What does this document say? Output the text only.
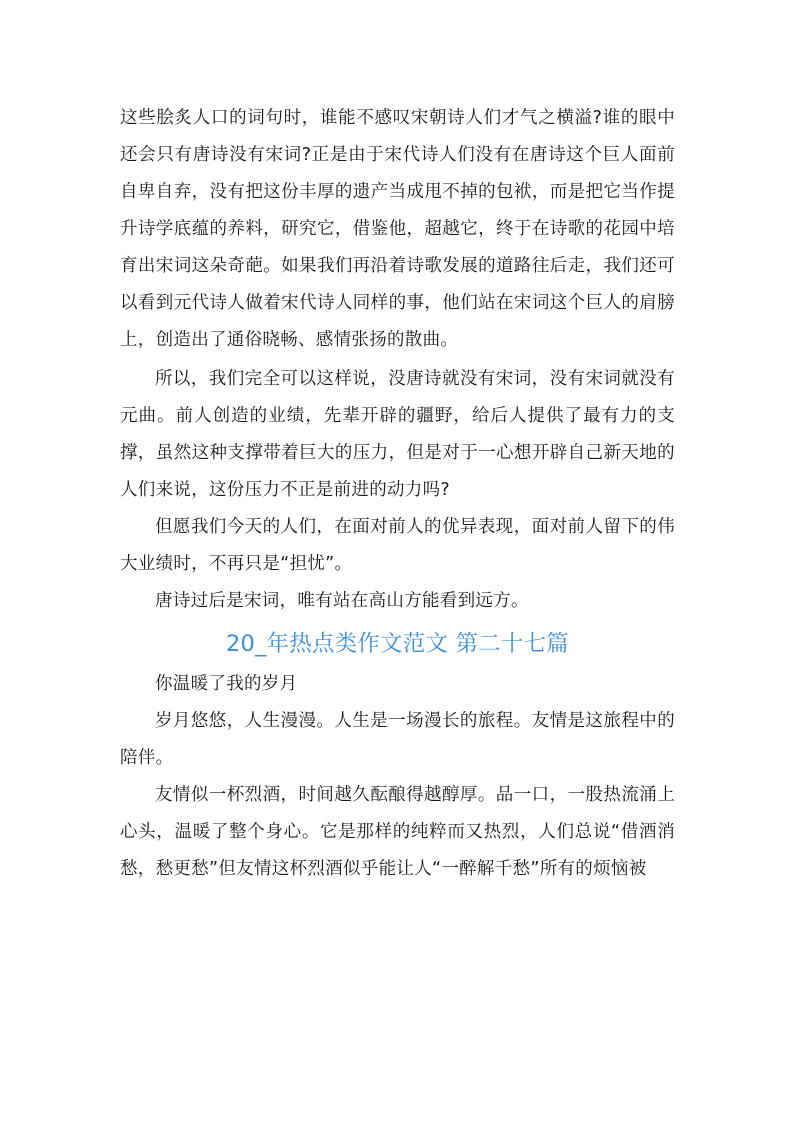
这些脍炙人口的词句时，谁能不感叹宋朝诗人们才气之横溢?谁的眼中还会只有唐诗没有宋词?正是由于宋代诗人们没有在唐诗这个巨人面前自卑自弃，没有把这份丰厚的遗产当成甩不掉的包袱，而是把它当作提升诗学底蕴的养料，研究它，借鉴他，超越它，终于在诗歌的花园中培育出宋词这朵奇葩。如果我们再沿着诗歌发展的道路往后走，我们还可以看到元代诗人做着宋代诗人同样的事，他们站在宋词这个巨人的肩膀上，创造出了通俗晓畅、感情张扬的散曲。

所以，我们完全可以这样说，没唐诗就没有宋词，没有宋词就没有元曲。前人创造的业绩，先辈开辟的疆野，给后人提供了最有力的支撑，虽然这种支撑带着巨大的压力，但是对于一心想开辟自己新天地的人们来说，这份压力不正是前进的动力吗?

但愿我们今天的人们，在面对前人的优异表现，面对前人留下的伟大业绩时，不再只是“担忧”。

唐诗过后是宋词，唯有站在高山方能看到远方。

20_年热点类作文范文 第二十七篇

你温暖了我的岁月

岁月悠悠，人生漫漫。人生是一场漫长的旅程。友情是这旅程中的陪伴。

友情似一杯烈酒，时间越久酝酿得越醇厚。品一口，一股热流涌上心头，温暖了整个身心。它是那样的纯粹而又热烈，人们总说“借酒消愁，愁更愁”但友情这杯烈酒似乎能让人“一醉解千愁”所有的烦恼被
